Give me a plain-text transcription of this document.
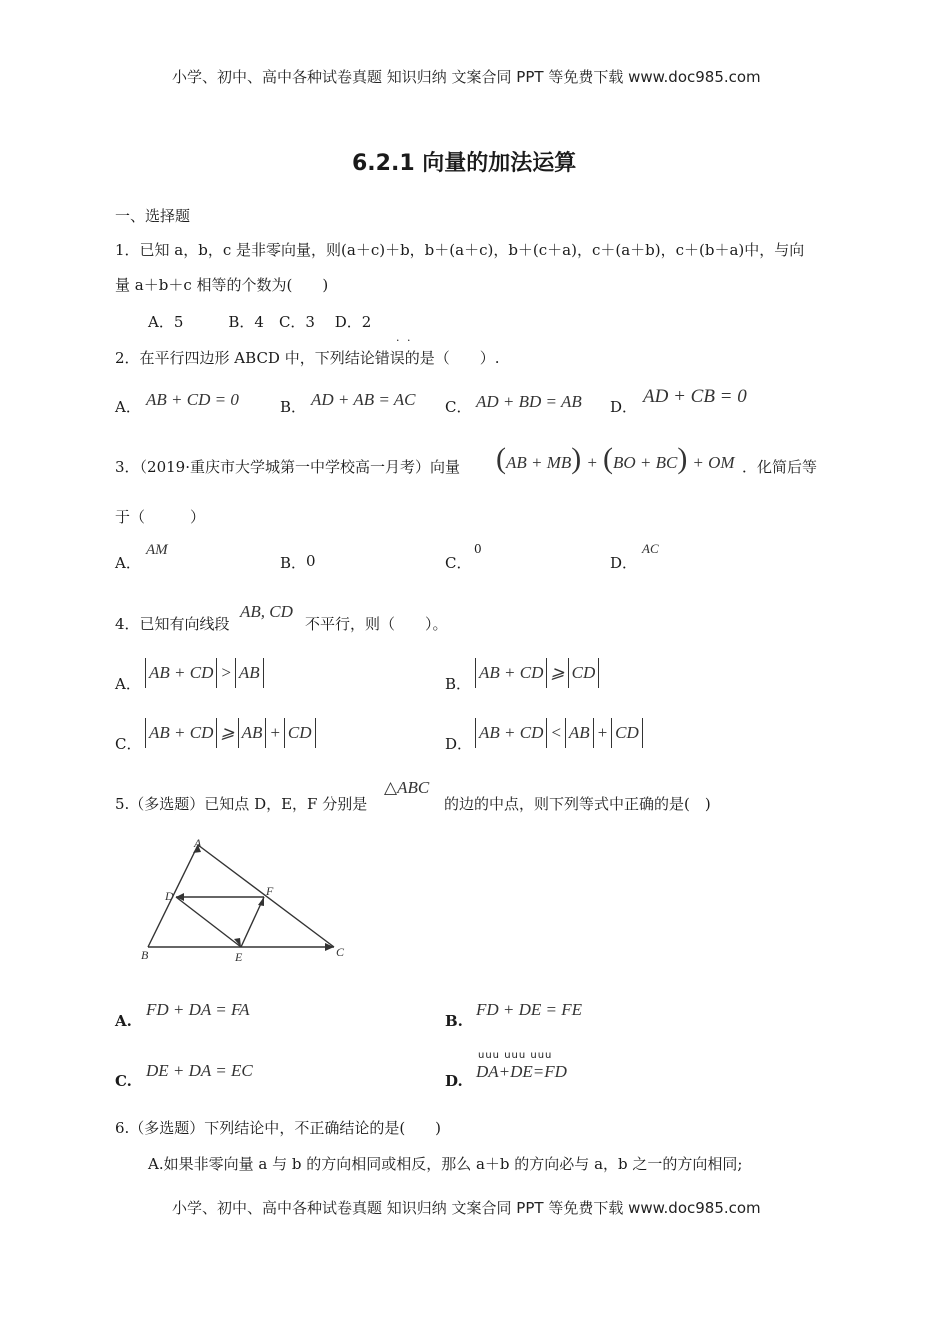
小学、初中、高中各种试卷真题 知识归纳 文案合同 PPT 等免费下载 www.doc985.com
6.2.1 向量的加法运算
一、选择题
1．已知 a，b，c 是非零向量，则(a＋c)＋b，b＋(a＋c)，b＋(c＋a)，c＋(a＋b)，c＋(b＋a)中，与向
量 a＋b＋c 相等的个数为(　　)
A．5　　　B．4　C．3　 D．2
· ·
2．在平行四边形 ABCD 中，下列结论错误的是（　　）.
A． AB + CD = 0	B． AD + AB = AC C． AD + BD = AB D． AD + CB = 0
3．（2019·重庆市大学城第一中学校高一月考）向量 (AB + MB) + (BO + BC) + OM ．化简后等
于（　　　）
A．
AM
B． 0	C．
0
D．
AC
4．已知有向线段
AB, CD
不平行，则（　　）。
A．
AB + CD > AB
B．
AB + CD ⩾ CD
C．
AB + CD ⩾ AB + CD
D．
AB + CD < AB + CD
5.（多选题）已知点 D，E，F 分别是
△ABC
的边的中点，则下列等式中正确的是(　)
A
B	C
D
E
F
A.
FD + DA = FA
B.
FD + DE = FE
C.
DE + DA = EC
D.
uuu uuu uuu
DA+DE=FD
6.（多选题）下列结论中，不正确结论的是(　　)
A.如果非零向量 a 与 b 的方向相同或相反，那么 a＋b 的方向必与 a，b 之一的方向相同;
小学、初中、高中各种试卷真题 知识归纳 文案合同 PPT 等免费下载 www.doc985.com
